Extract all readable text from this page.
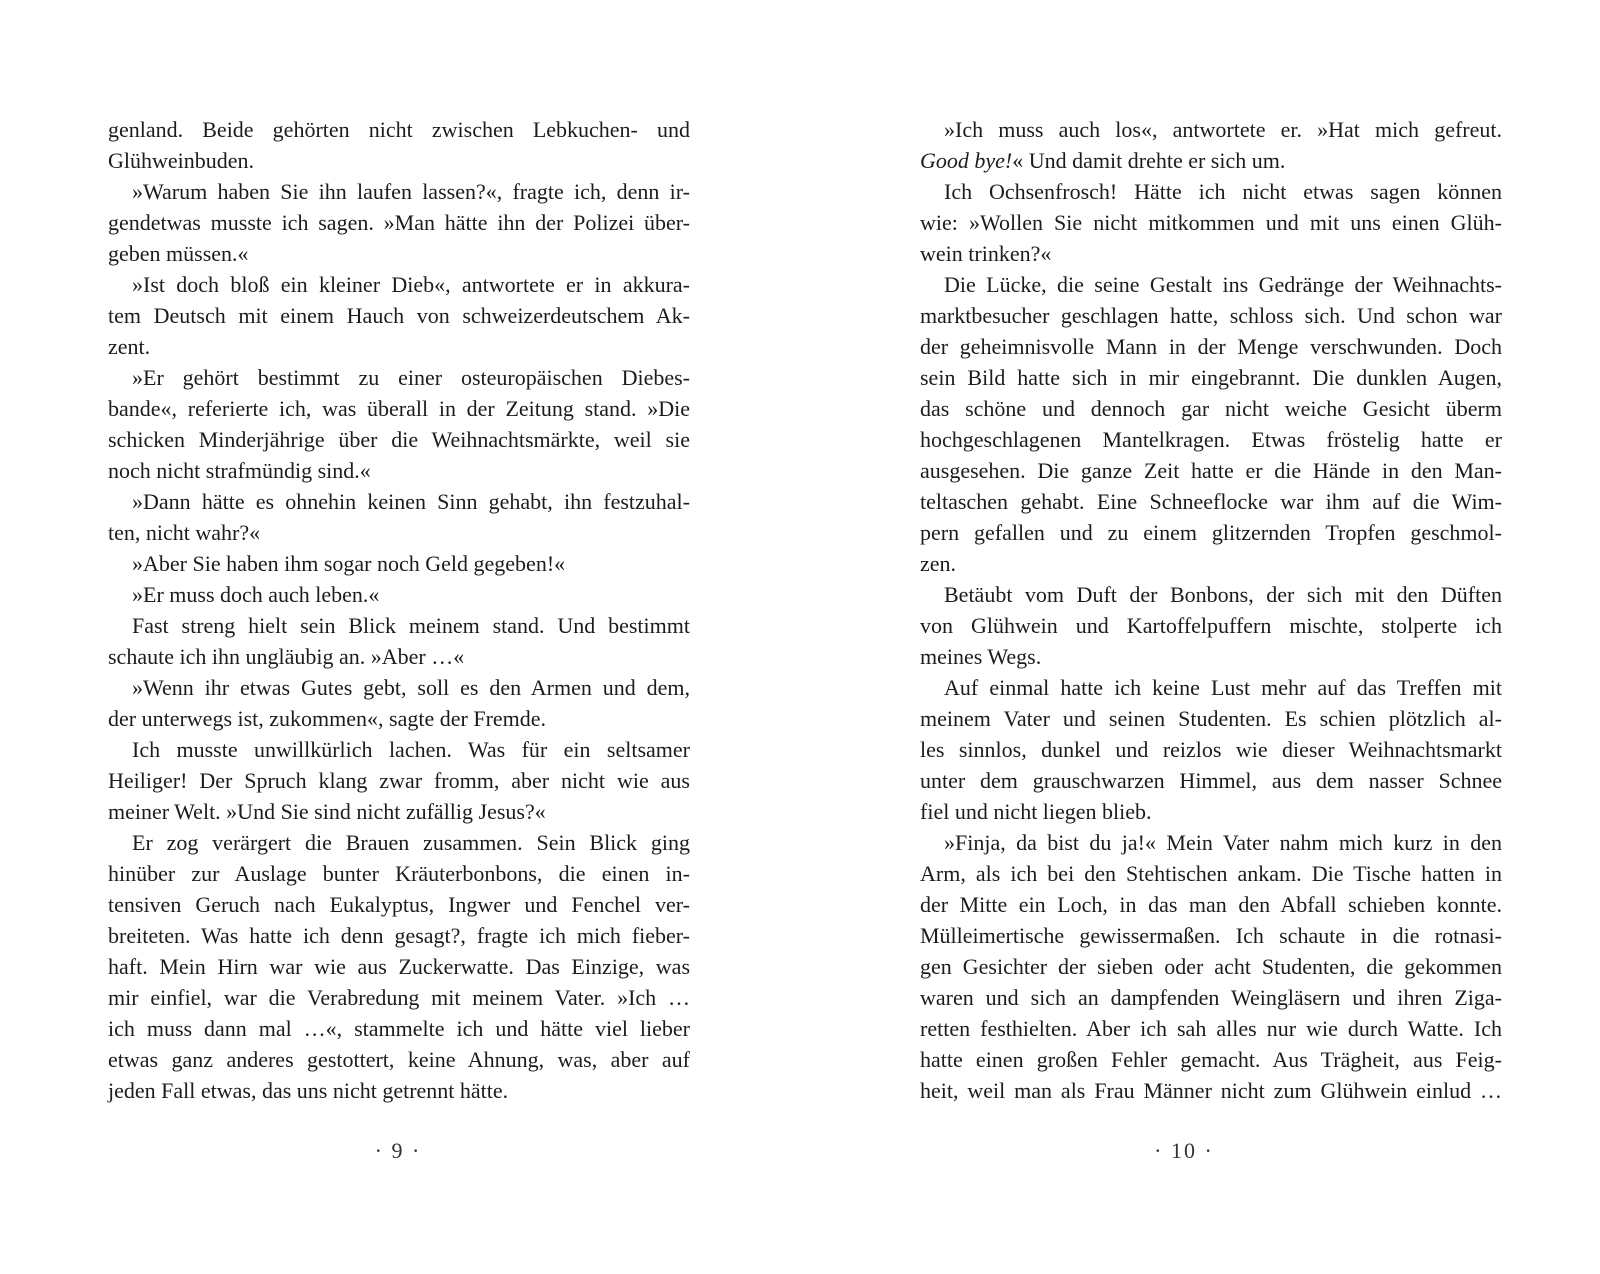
genland. Beide gehörten nicht zwischen Lebkuchen- und
Glühweinbuden.
»Warum haben Sie ihn laufen lassen?«, fragte ich, denn ir-
gendetwas musste ich sagen. »Man hätte ihn der Polizei über-
geben müssen.«
»Ist doch bloß ein kleiner Dieb«, antwortete er in akkura-
tem Deutsch mit einem Hauch von schweizerdeutschem Ak-
zent.
»Er gehört bestimmt zu einer osteuropäischen Diebes-
bande«, referierte ich, was überall in der Zeitung stand. »Die
schicken Minderjährige über die Weihnachtsmärkte, weil sie
noch nicht strafmündig sind.«
»Dann hätte es ohnehin keinen Sinn gehabt, ihn festzuhal-
ten, nicht wahr?«
»Aber Sie haben ihm sogar noch Geld gegeben!«
»Er muss doch auch leben.«
Fast streng hielt sein Blick meinem stand. Und bestimmt
schaute ich ihn ungläubig an. »Aber …«
»Wenn ihr etwas Gutes gebt, soll es den Armen und dem,
der unterwegs ist, zukommen«, sagte der Fremde.
Ich musste unwillkürlich lachen. Was für ein seltsamer
Heiliger! Der Spruch klang zwar fromm, aber nicht wie aus
meiner Welt. »Und Sie sind nicht zufällig Jesus?«
Er zog verärgert die Brauen zusammen. Sein Blick ging
hinüber zur Auslage bunter Kräuterbonbons, die einen in-
tensiven Geruch nach Eukalyptus, Ingwer und Fenchel ver-
breiteten. Was hatte ich denn gesagt?, fragte ich mich fieber-
haft. Mein Hirn war wie aus Zuckerwatte. Das Einzige, was
mir einfiel, war die Verabredung mit meinem Vater. »Ich …
ich muss dann mal …«, stammelte ich und hätte viel lieber
etwas ganz anderes gestottert, keine Ahnung, was, aber auf
jeden Fall etwas, das uns nicht getrennt hätte.
· 9 ·
»Ich muss auch los«, antwortete er. »Hat mich gefreut.
Good bye!« Und damit drehte er sich um.
Ich Ochsenfrosch! Hätte ich nicht etwas sagen können
wie: »Wollen Sie nicht mitkommen und mit uns einen Glüh-
wein trinken?«
Die Lücke, die seine Gestalt ins Gedränge der Weihnachts-
marktbesucher geschlagen hatte, schloss sich. Und schon war
der geheimnisvolle Mann in der Menge verschwunden. Doch
sein Bild hatte sich in mir eingebrannt. Die dunklen Augen,
das schöne und dennoch gar nicht weiche Gesicht überm
hochgeschlagenen Mantelkragen. Etwas fröstelig hatte er
ausgesehen. Die ganze Zeit hatte er die Hände in den Man-
teltaschen gehabt. Eine Schneeflocke war ihm auf die Wim-
pern gefallen und zu einem glitzernden Tropfen geschmol-
zen.
Betäubt vom Duft der Bonbons, der sich mit den Düften
von Glühwein und Kartoffelpuffern mischte, stolperte ich
meines Wegs.
Auf einmal hatte ich keine Lust mehr auf das Treffen mit
meinem Vater und seinen Studenten. Es schien plötzlich al-
les sinnlos, dunkel und reizlos wie dieser Weihnachtsmarkt
unter dem grauschwarzen Himmel, aus dem nasser Schnee
fiel und nicht liegen blieb.
»Finja, da bist du ja!« Mein Vater nahm mich kurz in den
Arm, als ich bei den Stehtischen ankam. Die Tische hatten in
der Mitte ein Loch, in das man den Abfall schieben konnte.
Mülleimertische gewissermaßen. Ich schaute in die rotnasi-
gen Gesichter der sieben oder acht Studenten, die gekommen
waren und sich an dampfenden Weingläsern und ihren Ziga-
retten festhielten. Aber ich sah alles nur wie durch Watte. Ich
hatte einen großen Fehler gemacht. Aus Trägheit, aus Feig-
heit, weil man als Frau Männer nicht zum Glühwein einlud …
· 10 ·
